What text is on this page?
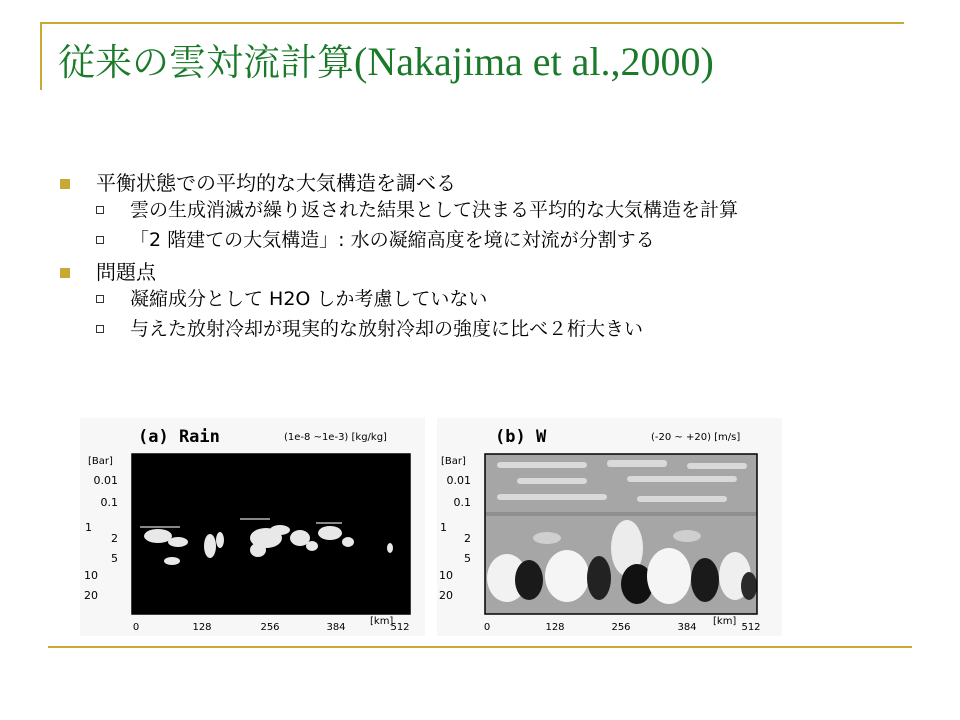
従来の雲対流計算(Nakajima et al.,2000)
平衡状態での平均的な大気構造を調べる
雲の生成消滅が繰り返された結果として決まる平均的な大気構造を計算
「2 階建ての大気構造」: 水の凝縮高度を境に対流が分割する
問題点
凝縮成分として H2O しか考慮していない
与えた放射冷却が現実的な放射冷却の強度に比べ２桁大きい
(a) Rain	(1e-8 ~1e-3) [kg/kg]
[Bar]
0.01
0.1
1
2
5
10
20
0	128	256	384	512
[km]
(b) W	(-20 ~ +20) [m/s]
[Bar]
0.01
0.1
1
2
5
10
20
0	128	256	384	512
[km]
